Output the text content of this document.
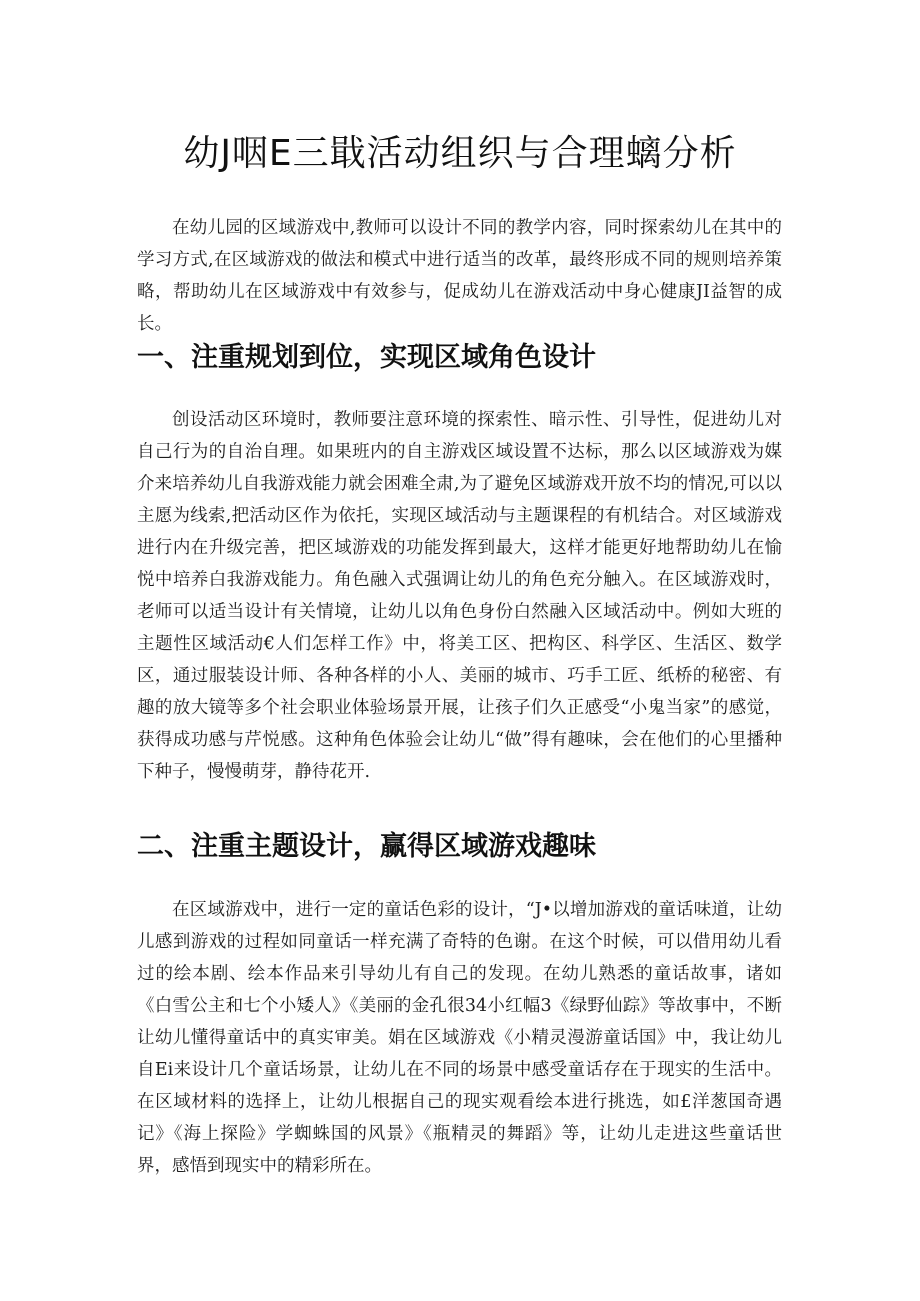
幼J咽E三戢活动组织与合理螭分析

在幼儿园的区域游戏中,教师可以设计不同的教学内容，同时探索幼儿在其中的学习方式,在区域游戏的做法和模式中进行适当的改革，最终形成不同的规则培养策略，帮助幼儿在区域游戏中有效参与，促成幼儿在游戏活动中身心健康JI益智的成长。

一、注重规划到位，实现区域角色设计

创设活动区环境时，教师要注意环境的探索性、暗示性、引导性，促进幼儿对自己行为的自治自理。如果班内的自主游戏区域设置不达标，那么以区域游戏为媒介来培养幼儿自我游戏能力就会困难全肃,为了避免区域游戏开放不均的情况,可以以主愿为线索,把活动区作为依托，实现区域活动与主题课程的有机结合。对区域游戏进行内在升级完善，把区域游戏的功能发挥到最大，这样才能更好地帮助幼儿在愉悦中培养白我游戏能力。角色融入式强调让幼儿的角色充分触入。在区域游戏时，老师可以适当设计有关情境，让幼儿以角色身份白然融入区域活动中。例如大班的主题性区域活动€人们怎样工作》中，将美工区、把构区、科学区、生活区、数学区，通过服装设计师、各种各样的小人、美丽的城市、巧手工匠、纸桥的秘密、有趣的放大镜等多个社会职业体验场景开展，让孩子们久正感受“小鬼当家”的感觉，获得成功感与芹悦感。这种角色体验会让幼儿“做”得有趣味，会在他们的心里播种下种子，慢慢萌芽，静待花开.

二、注重主题设计，赢得区域游戏趣味

在区域游戏中，进行一定的童话色彩的设计，“J•以增加游戏的童话味道，让幼儿感到游戏的过程如同童话一样充满了奇特的色谢。在这个时候，可以借用幼儿看过的绘本剧、绘本作品来引导幼儿有自己的发现。在幼儿熟悉的童话故事，诸如《白雪公主和七个小矮人》《美丽的金孔很34小红幅3《绿野仙踪》等故事中，不断让幼儿懂得童话中的真实审美。娟在区域游戏《小精灵漫游童话国》中，我让幼儿自Ei来设计几个童话场景，让幼儿在不同的场景中感受童话存在于现实的生活中。在区域材料的选择上，让幼儿根据自己的现实观看绘本进行挑选，如£洋葱国奇遇记》《海上探险》学蜘蛛国的风景》《瓶精灵的舞蹈》等，让幼儿走进这些童话世界，感悟到现实中的精彩所在。
